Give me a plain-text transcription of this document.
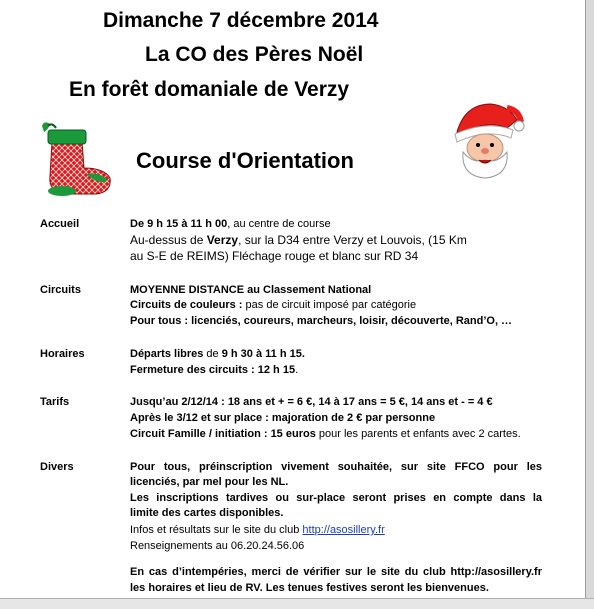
Dimanche 7 décembre 2014
La CO des Pères Noël
En forêt domaniale de Verzy
Course d'Orientation
Accueil	De 9 h 15 à 11 h 00, au centre de course
Au-dessus de Verzy, sur la D34 entre Verzy et Louvois, (15 Km
au S-E de REIMS) Fléchage rouge et blanc sur RD 34
Circuits	MOYENNE DISTANCE au Classement National
Circuits de couleurs : pas de circuit imposé par catégorie
Pour tous : licenciés, coureurs, marcheurs, loisir, découverte, Rand’O, …
Horaires	Départs libres de 9 h 30 à 11 h 15.
Fermeture des circuits : 12 h 15.
Tarifs	Jusqu’au 2/12/14 : 18 ans et + = 6 €, 14 à 17 ans = 5 €, 14 ans et - = 4 €
Après le 3/12 et sur place : majoration de 2 € par personne
Circuit Famille / initiation : 15 euros pour les parents et enfants avec 2 cartes.
Divers	Pour tous, préinscription vivement souhaitée, sur site FFCO pour les
licenciés, par mel pour les NL.
Les inscriptions tardives ou sur-place seront prises en compte dans la
limite des cartes disponibles.
Infos et résultats sur le site du club http://asosillery.fr
Renseignements au 06.20.24.56.06
En cas d’intempéries, merci de vérifier sur le site du club http://asosillery.fr
les horaires et lieu de RV. Les tenues festives seront les bienvenues.
